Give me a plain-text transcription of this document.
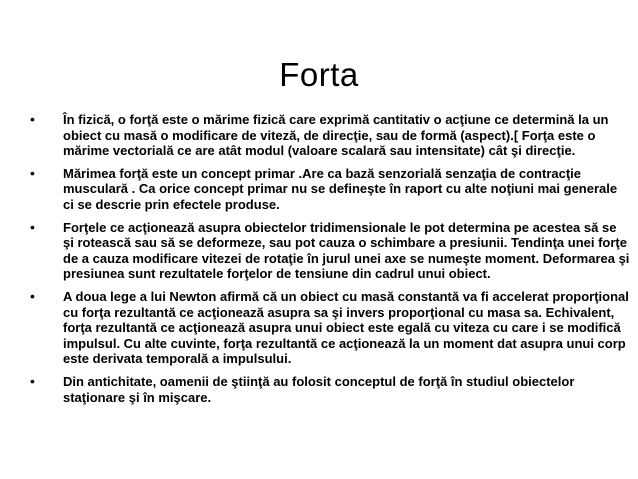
Forta
• În fizică, o forţă este o mărime fizică care exprimă cantitativ o acţiune ce determină la un obiect cu masă o modificare de viteză, de direcţie, sau de formă (aspect).[ Forţa este o mărime vectorială ce are atât modul (valoare scalară sau intensitate) cât şi direcţie.
• Mărimea forţă este un concept primar .Are ca bază senzorială senzaţia de contracţie musculară . Ca orice concept primar nu se defineşte în raport cu alte noţiuni mai generale ci se descrie prin efectele produse.
• Forţele ce acţionează asupra obiectelor tridimensionale le pot determina pe acestea să se şi rotească sau să se deformeze, sau pot cauza o schimbare a presiunii. Tendinţa unei forţe de a cauza modificare vitezei de rotaţie în jurul unei axe se numeşte moment. Deformarea şi presiunea sunt rezultatele forţelor de tensiune din cadrul unui obiect.
• A doua lege a lui Newton afirmă că un obiect cu masă constantă va fi accelerat proporţional cu forţa rezultantă ce acţionează asupra sa şi invers proporţional cu masa sa. Echivalent, forţa rezultantă ce acţionează asupra unui obiect este egală cu viteza cu care i se modifică impulsul. Cu alte cuvinte, forţa rezultantă ce acţionează la un moment dat asupra unui corp este derivata temporală a impulsului.
• Din antichitate, oamenii de ştiinţă au folosit conceptul de forţă în studiul obiectelor staţionare şi în mişcare.
